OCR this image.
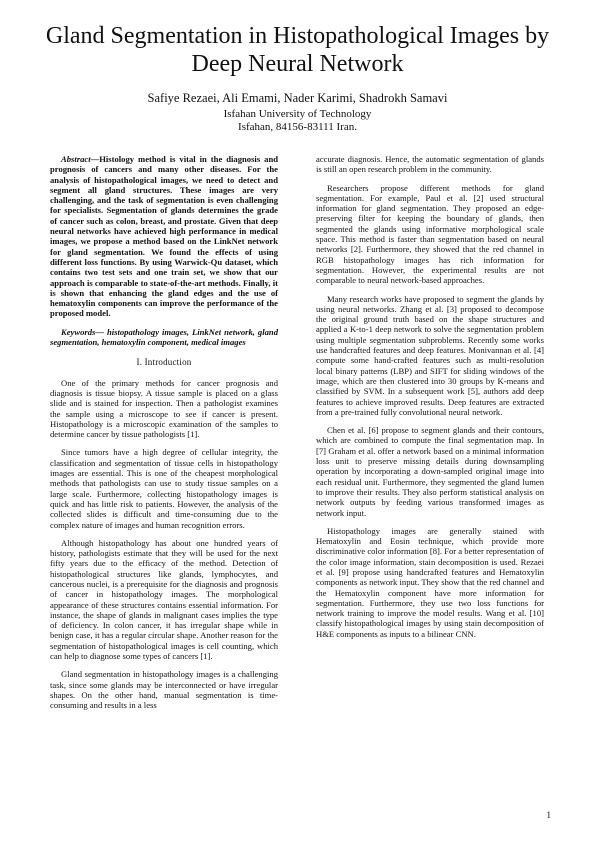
Gland Segmentation in Histopathological Images by Deep Neural Network
Safiye Rezaei, Ali Emami, Nader Karimi, Shadrokh Samavi
Isfahan University of Technology
Isfahan, 84156-83111 Iran.

Abstract—Histology method is vital in the diagnosis and prognosis of cancers and many other diseases. For the analysis of histopathological images, we need to detect and segment all gland structures. These images are very challenging, and the task of segmentation is even challenging for specialists. Segmentation of glands determines the grade of cancer such as colon, breast, and prostate. Given that deep neural networks have achieved high performance in medical images, we propose a method based on the LinkNet network for gland segmentation. We found the effects of using different loss functions. By using Warwick-Qu dataset, which contains two test sets and one train set, we show that our approach is comparable to state-of-the-art methods. Finally, it is shown that enhancing the gland edges and the use of hematoxylin components can improve the performance of the proposed model.

Keywords— histopathology images, LinkNet network, gland segmentation, hematoxylin component, medical images

I. Introduction

One of the primary methods for cancer prognosis and diagnosis is tissue biopsy. A tissue sample is placed on a glass slide and is stained for inspection. Then a pathologist examines the sample using a microscope to see if cancer is present. Histopathology is a microscopic examination of the samples to determine cancer by tissue pathologists [1].

Since tumors have a high degree of cellular integrity, the classification and segmentation of tissue cells in histopathology images are essential. This is one of the cheapest morphological methods that pathologists can use to study tissue samples on a large scale. Furthermore, collecting histopathology images is quick and has little risk to patients. However, the analysis of the collected slides is difficult and time-consuming due to the complex nature of images and human recognition errors.

Although histopathology has about one hundred years of history, pathologists estimate that they will be used for the next fifty years due to the efficacy of the method. Detection of histopathological structures like glands, lymphocytes, and cancerous nuclei, is a prerequisite for the diagnosis and prognosis of cancer in histopathology images. The morphological appearance of these structures contains essential information. For instance, the shape of glands in malignant cases implies the type of deficiency. In colon cancer, it has irregular shape while in benign case, it has a regular circular shape. Another reason for the segmentation of histopathological images is cell counting, which can help to diagnose some types of cancers [1].

Gland segmentation in histopathology images is a challenging task, since some glands may be interconnected or have irregular shapes. On the other hand, manual segmentation is time-consuming and results in a less

accurate diagnosis. Hence, the automatic segmentation of glands is still an open research problem in the community.

Researchers propose different methods for gland segmentation. For example, Paul et al. [2] used structural information for gland segmentation. They proposed an edge-preserving filter for keeping the boundary of glands, then segmented the glands using informative morphological scale space. This method is faster than segmentation based on neural networks [2]. Furthermore, they showed that the red channel in RGB histopathology images has rich information for segmentation. However, the experimental results are not comparable to neural network-based approaches.

Many research works have proposed to segment the glands by using neural networks. Zhang et al. [3] proposed to decompose the original ground truth based on the shape structures and applied a K-to-1 deep network to solve the segmentation problem using multiple segmentation subproblems. Recently some works use handcrafted features and deep features. Monivannan et al. [4] compute some hand-crafted features such as multi-resolution local binary patterns (LBP) and SIFT for sliding windows of the image, which are then clustered into 30 groups by K-means and classified by SVM. In a subsequent work [5], authors add deep features to achieve improved results. Deep features are extracted from a pre-trained fully convolutional neural network.

Chen et al. [6] propose to segment glands and their contours, which are combined to compute the final segmentation map. In [7] Graham et al. offer a network based on a minimal information loss unit to preserve missing details during downsampling operation by incorporating a down-sampled original image into each residual unit. Furthermore, they segmented the gland lumen to improve their results. They also perform statistical analysis on network outputs by feeding various transformed images as network input.

Histopathology images are generally stained with Hematoxylin and Eosin technique, which provide more discriminative color information [8]. For a better representation of the color image information, stain decomposition is used. Rezaei et al. [9] propose using handcrafted features and Hematoxylin components as network input. They show that the red channel and the Hematoxylin component have more information for segmentation. Furthermore, they use two loss functions for network training to improve the model results. Wang et al. [10] classify histopathological images by using stain decomposition of H&E components as inputs to a bilinear CNN.

1
